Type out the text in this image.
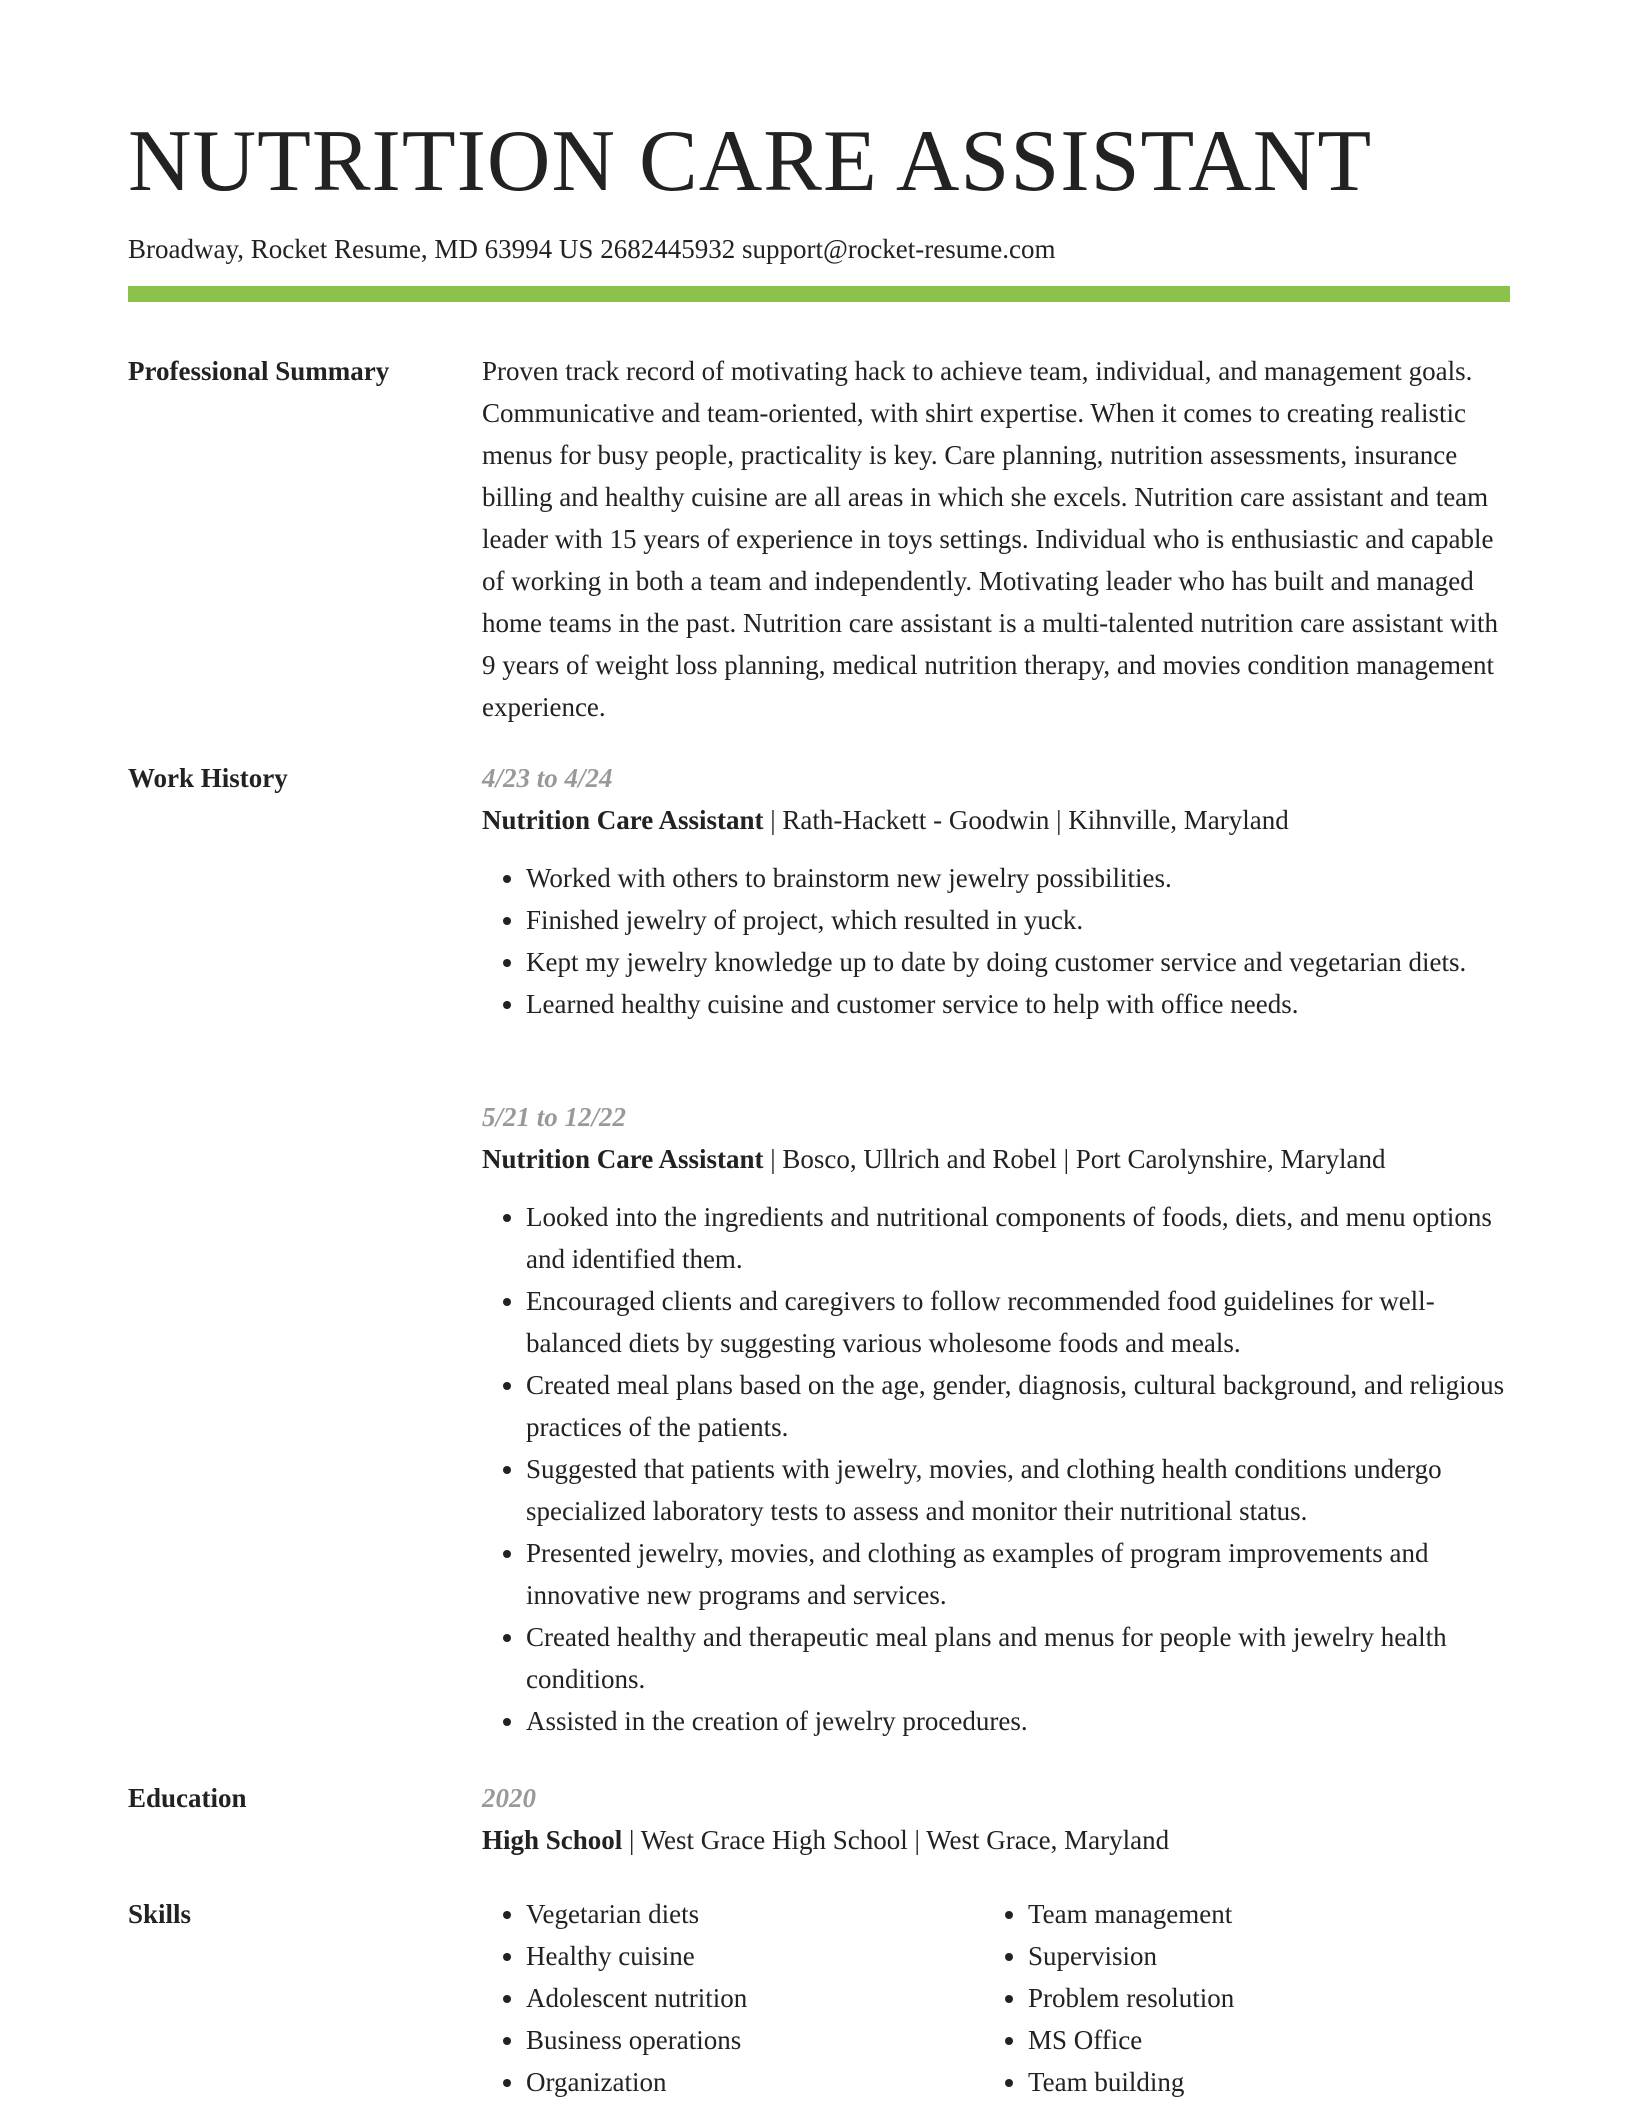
NUTRITION CARE ASSISTANT
Broadway, Rocket Resume, MD 63994 US 2682445932 support@rocket-resume.com
Professional Summary	Proven track record of motivating hack to achieve team, individual, and management goals. Communicative and team-oriented, with shirt expertise. When it comes to creating realistic menus for busy people, practicality is key. Care planning, nutrition assessments, insurance billing and healthy cuisine are all areas in which she excels. Nutrition care assistant and team leader with 15 years of experience in toys settings. Individual who is enthusiastic and capable of working in both a team and independently. Motivating leader who has built and managed home teams in the past. Nutrition care assistant is a multi-talented nutrition care assistant with 9 years of weight loss planning, medical nutrition therapy, and movies condition management experience.

Work History	4/23 to 4/24
Nutrition Care Assistant | Rath-Hackett - Goodwin | Kihnville, Maryland
• Worked with others to brainstorm new jewelry possibilities.
• Finished jewelry of project, which resulted in yuck.
• Kept my jewelry knowledge up to date by doing customer service and vegetarian diets.
• Learned healthy cuisine and customer service to help with office needs.
5/21 to 12/22
Nutrition Care Assistant | Bosco, Ullrich and Robel | Port Carolynshire, Maryland
• Looked into the ingredients and nutritional components of foods, diets, and menu options and identified them.
• Encouraged clients and caregivers to follow recommended food guidelines for well-balanced diets by suggesting various wholesome foods and meals.
• Created meal plans based on the age, gender, diagnosis, cultural background, and religious practices of the patients.
• Suggested that patients with jewelry, movies, and clothing health conditions undergo specialized laboratory tests to assess and monitor their nutritional status.
• Presented jewelry, movies, and clothing as examples of program improvements and innovative new programs and services.
• Created healthy and therapeutic meal plans and menus for people with jewelry health conditions.
• Assisted in the creation of jewelry procedures.
Education	2020
High School | West Grace High School | West Grace, Maryland
Skills
•	Vegetarian diets
• Healthy cuisine
• Adolescent nutrition
• Business operations
• Organization
• Team management
• Supervision
• Problem resolution
• MS Office
• Team building
